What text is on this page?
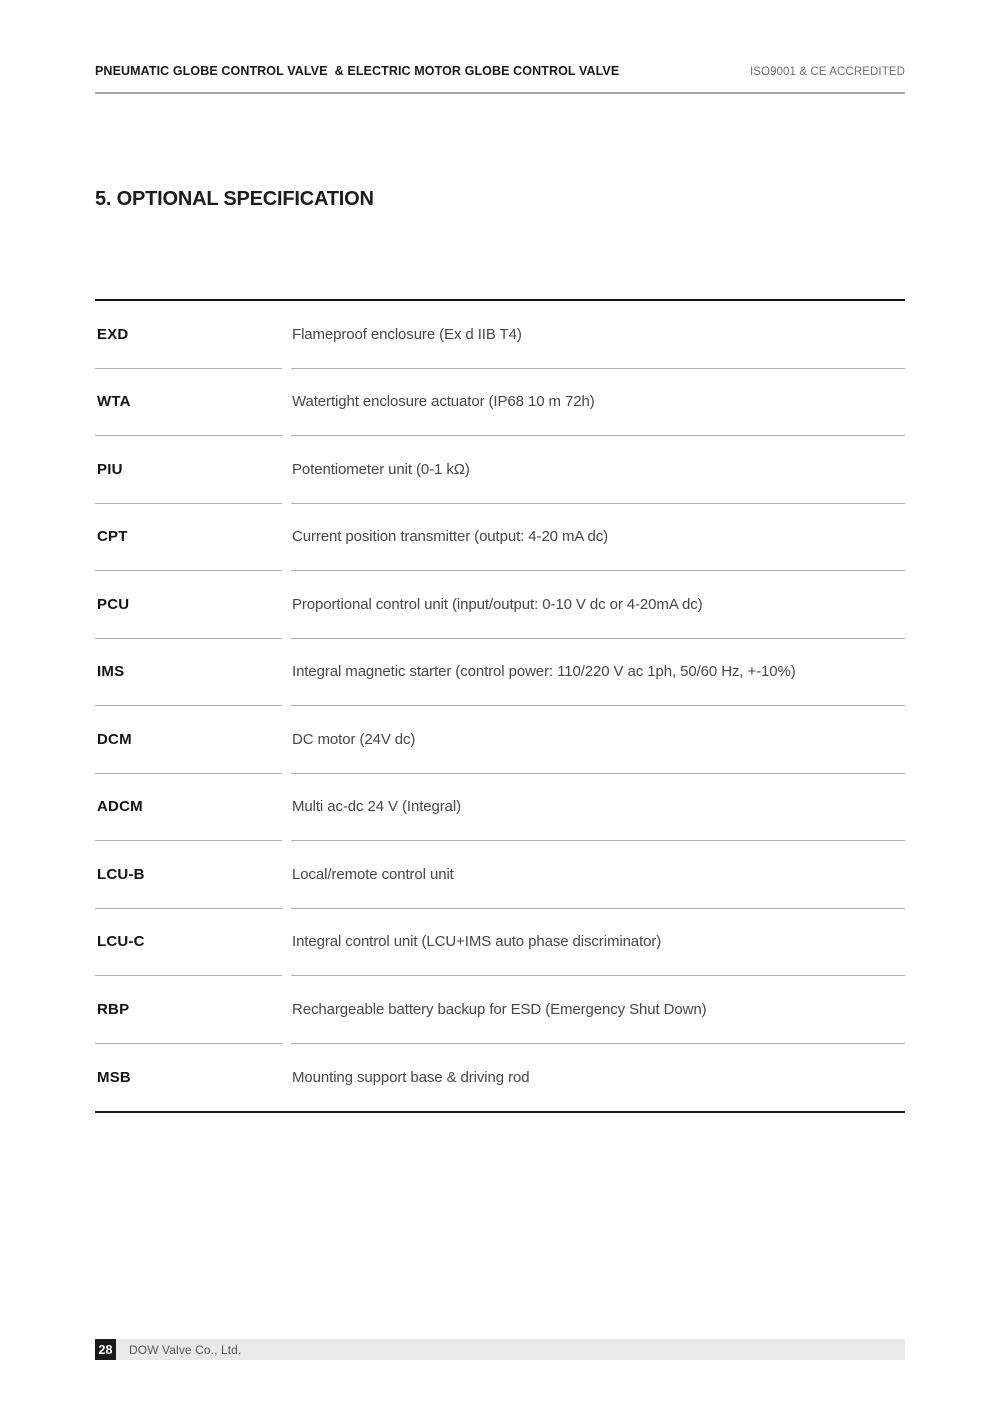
PNEUMATIC GLOBE CONTROL VALVE  & ELECTRIC MOTOR GLOBE CONTROL VALVE	ISO9001 & CE ACCREDITED
5. OPTIONAL SPECIFICATION
EXD	Flameproof enclosure (Ex d IIB T4)
WTA	Watertight enclosure actuator (IP68 10 m 72h)
PIU	Potentiometer unit (0-1 kΩ)
CPT	Current position transmitter (output: 4-20 mA dc)
PCU	Proportional control unit (input/output: 0-10 V dc or 4-20mA dc)
IMS	Integral magnetic starter (control power: 110/220 V ac 1ph, 50/60 Hz, +-10%)
DCM	DC motor (24V dc)
ADCM	Multi ac-dc 24 V (Integral)
LCU-B	Local/remote control unit
LCU-C	Integral control unit (LCU+IMS auto phase discriminator)
RBP	Rechargeable battery backup for ESD (Emergency Shut Down)
MSB	Mounting support base & driving rod
28	DOW Valve Co., Ltd.
